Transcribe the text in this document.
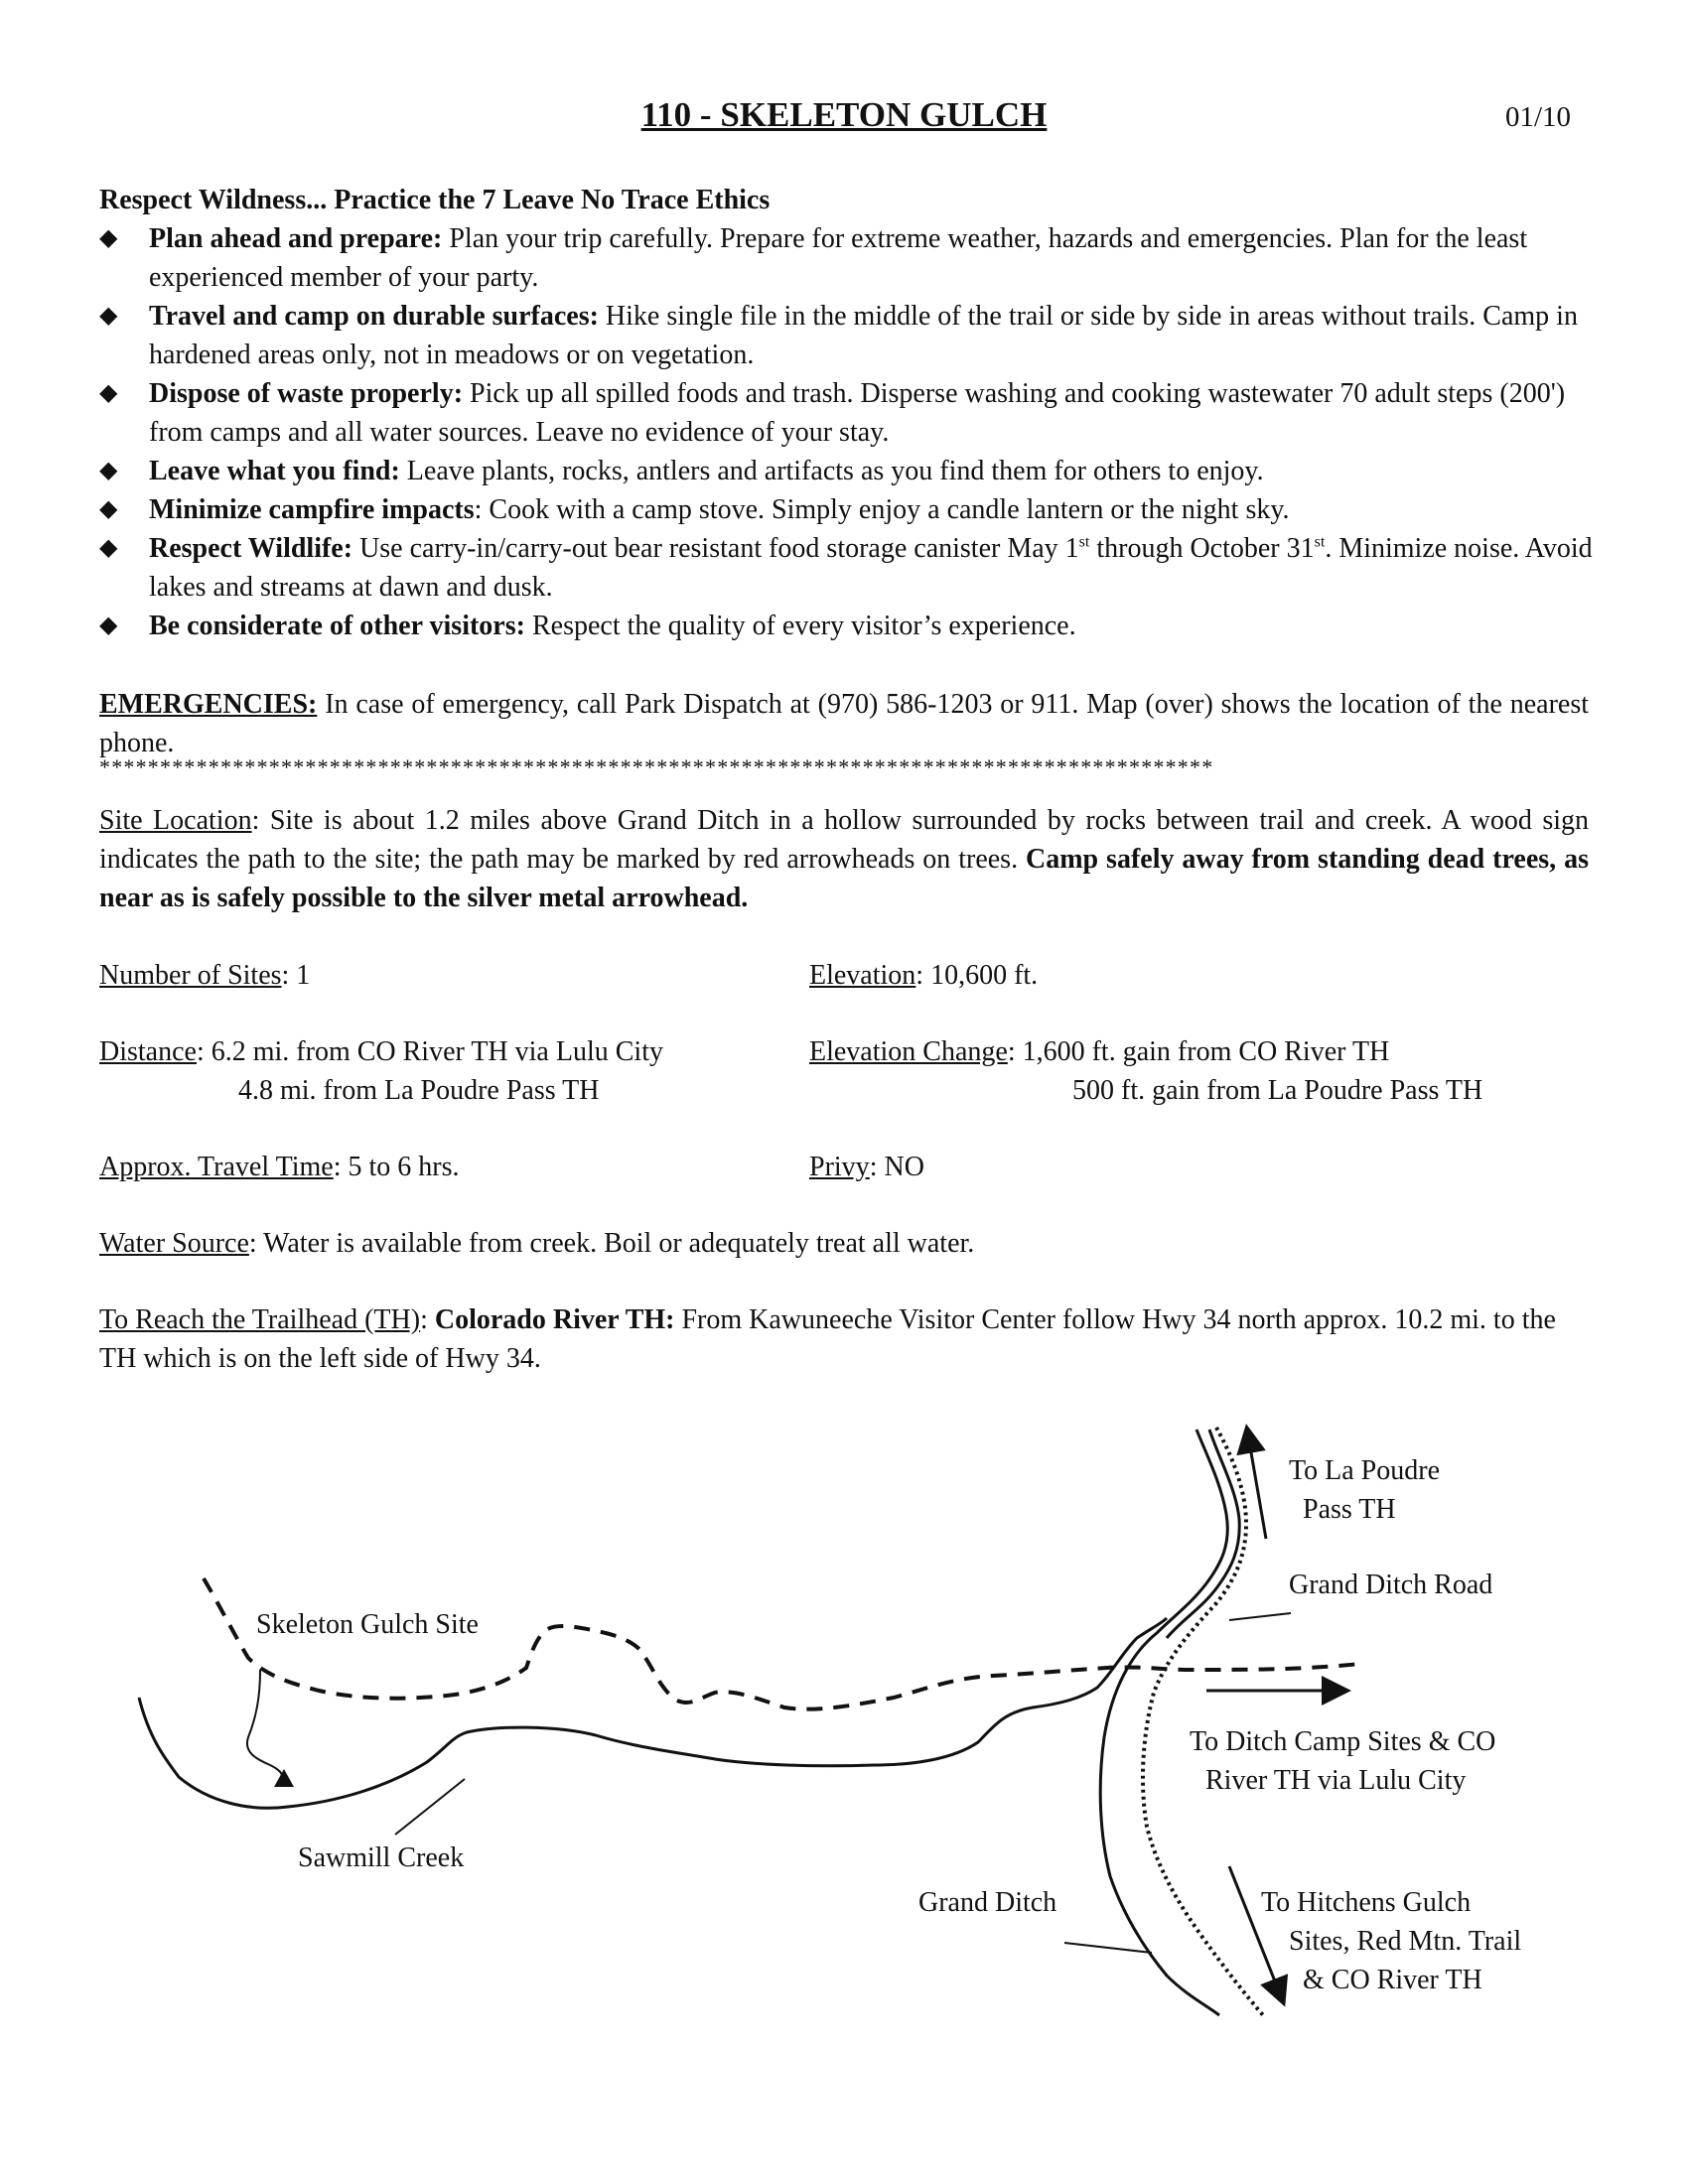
110 - SKELETON GULCH	01/10
Respect Wildness... Practice the 7 Leave No Trace Ethics
◆ Plan ahead and prepare: Plan your trip carefully. Prepare for extreme weather, hazards and emergencies. Plan for the least experienced member of your party.
◆ Travel and camp on durable surfaces: Hike single file in the middle of the trail or side by side in areas without trails. Camp in hardened areas only, not in meadows or on vegetation.
◆ Dispose of waste properly: Pick up all spilled foods and trash. Disperse washing and cooking wastewater 70 adult steps (200') from camps and all water sources. Leave no evidence of your stay.
◆ Leave what you find: Leave plants, rocks, antlers and artifacts as you find them for others to enjoy.
◆ Minimize campfire impacts: Cook with a camp stove. Simply enjoy a candle lantern or the night sky.
◆ Respect Wildlife: Use carry-in/carry-out bear resistant food storage canister May 1st through October 31st. Minimize noise. Avoid lakes and streams at dawn and dusk.
◆ Be considerate of other visitors: Respect the quality of every visitor’s experience.
EMERGENCIES: In case of emergency, call Park Dispatch at (970) 586-1203 or 911. Map (over) shows the location of the nearest phone.
********************************************************************************************
Site Location: Site is about 1.2 miles above Grand Ditch in a hollow surrounded by rocks between trail and creek. A wood sign indicates the path to the site; the path may be marked by red arrowheads on trees. Camp safely away from standing dead trees, as near as is safely possible to the silver metal arrowhead.
Number of Sites: 1	Elevation: 10,600 ft.
Distance: 6.2 mi. from CO River TH via Lulu City
4.8 mi. from La Poudre Pass TH
Elevation Change: 1,600 ft. gain from CO River TH
500 ft. gain from La Poudre Pass TH
Approx. Travel Time: 5 to 6 hrs.	Privy: NO
Water Source: Water is available from creek. Boil or adequately treat all water.
To Reach the Trailhead (TH): Colorado River TH: From Kawuneeche Visitor Center follow Hwy 34 north approx. 10.2 mi. to the TH which is on the left side of Hwy 34.
To La Poudre
Pass TH
Grand Ditch Road
Skeleton Gulch Site
To Ditch Camp Sites & CO
River TH via Lulu City
Sawmill Creek
Grand Ditch	To Hitchens Gulch
Sites, Red Mtn. Trail
& CO River TH
